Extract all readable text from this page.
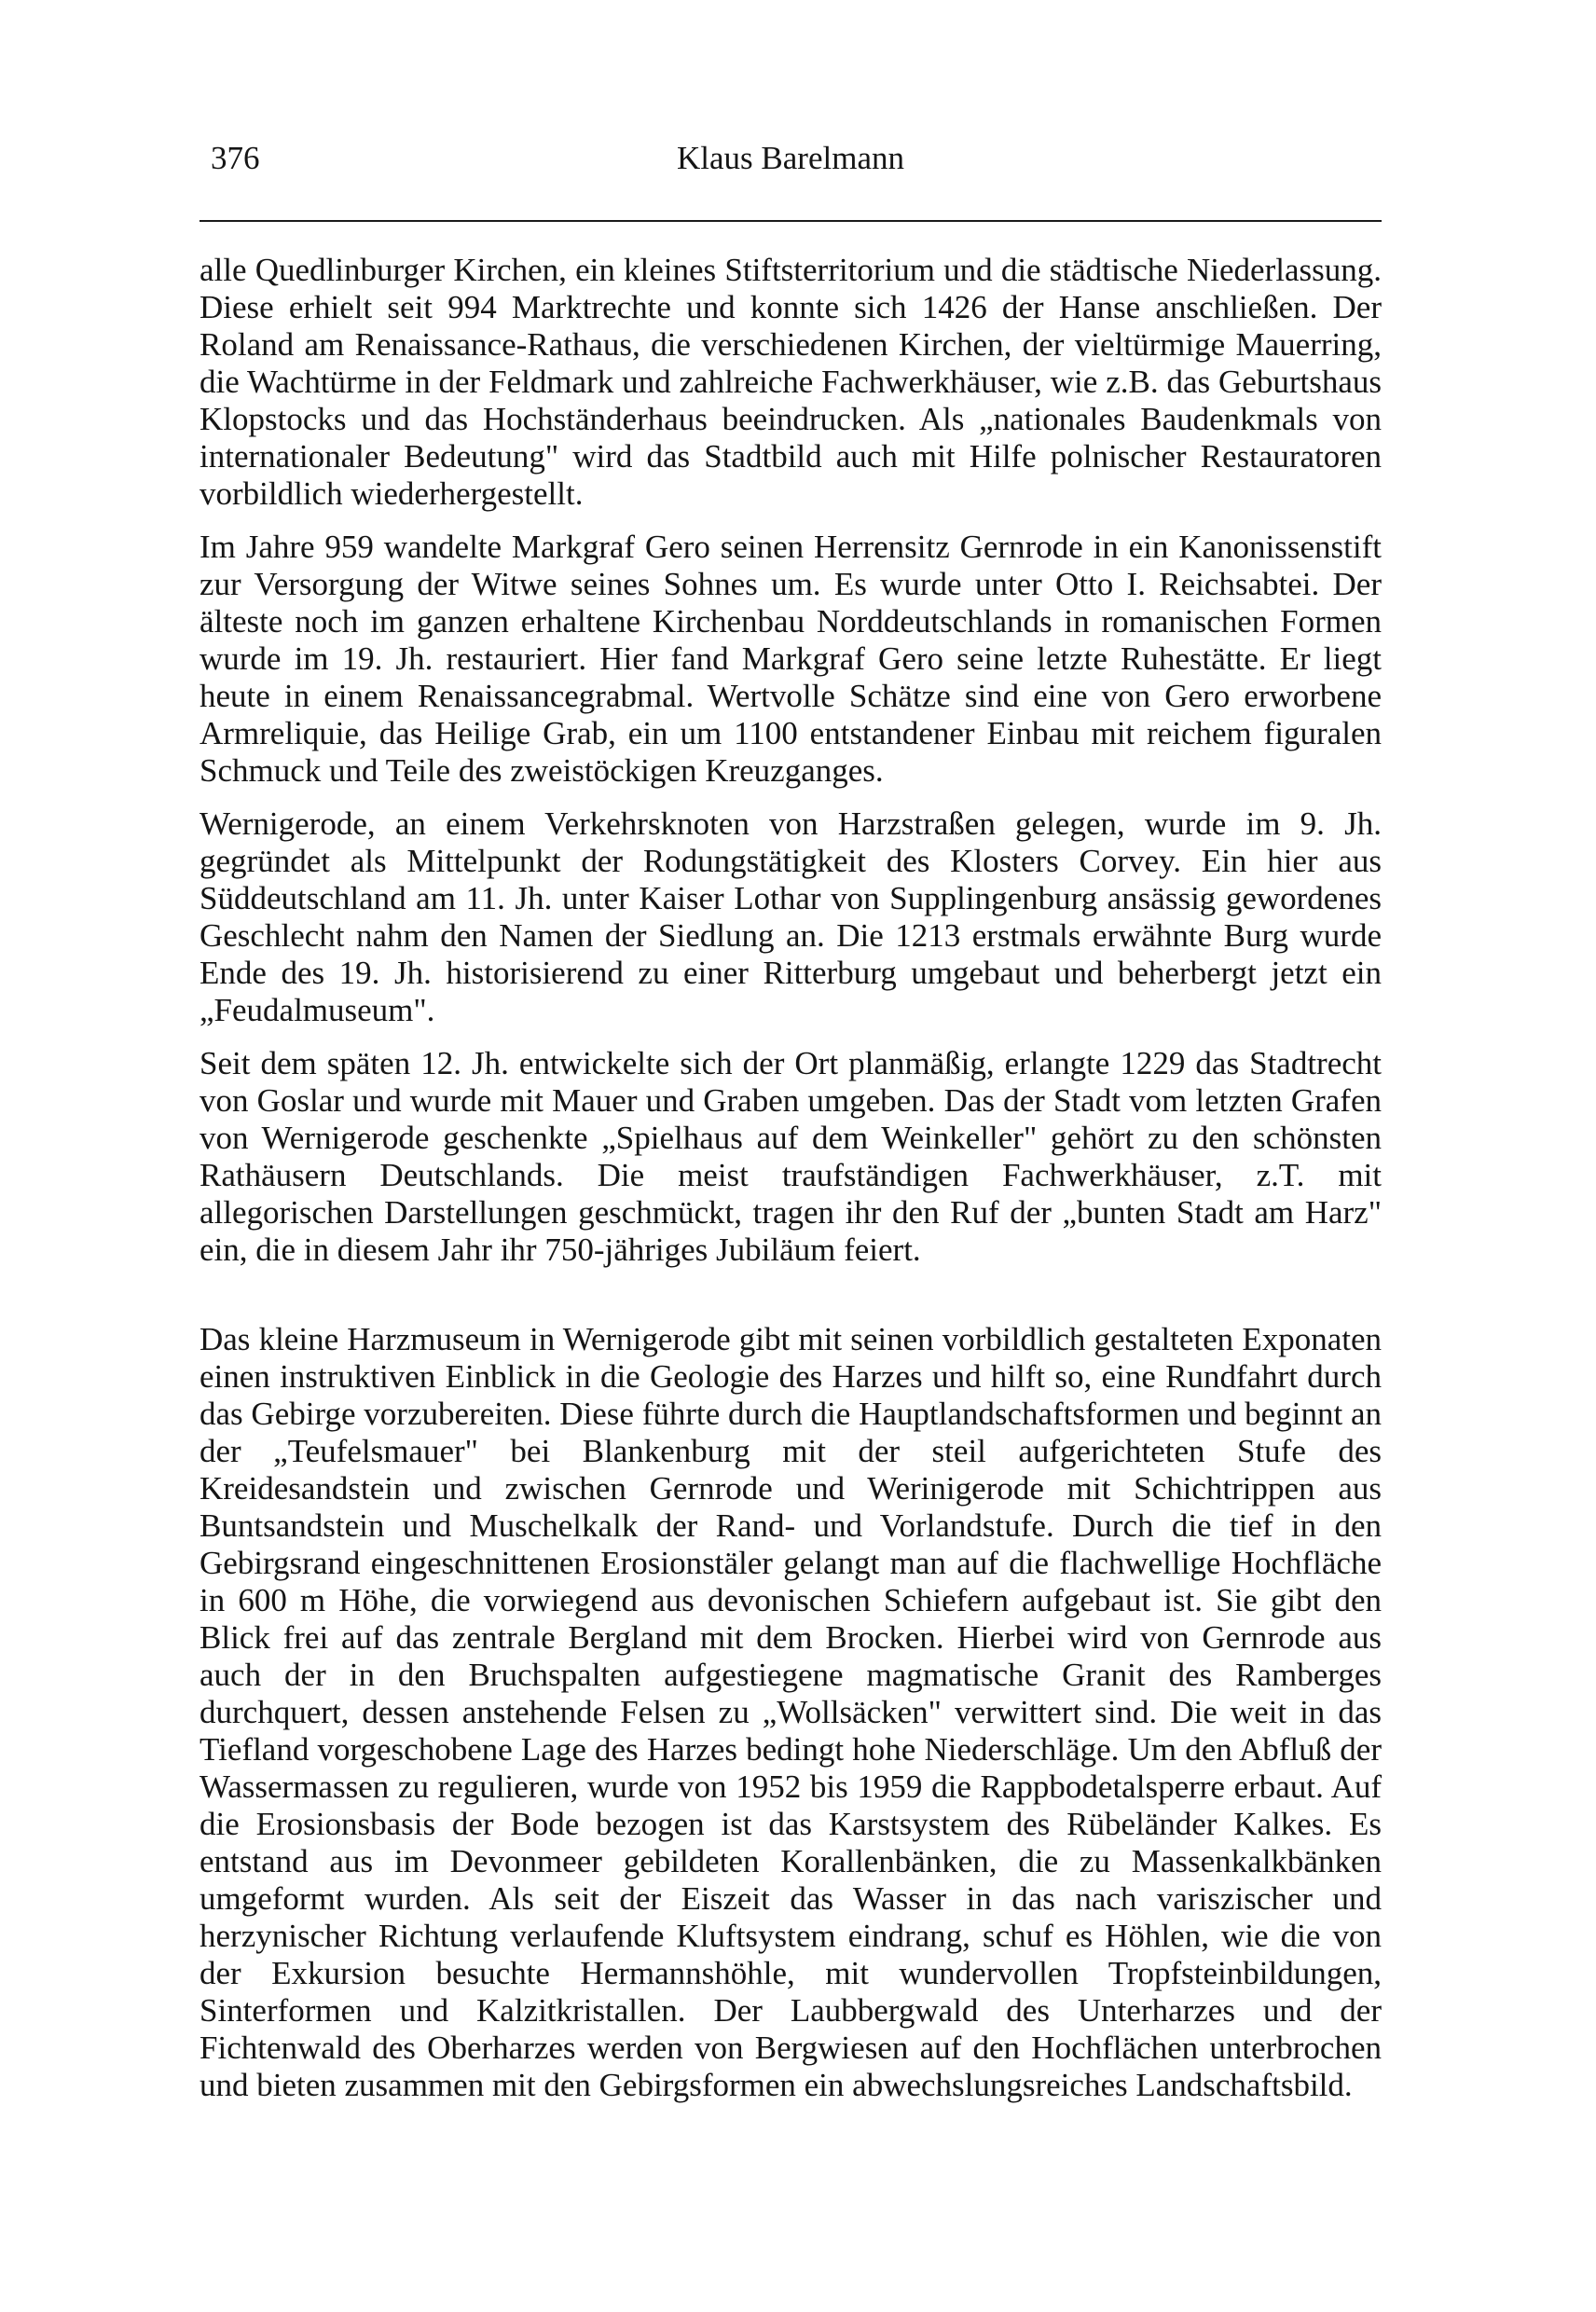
376	Klaus Barelmann

alle Quedlinburger Kirchen, ein kleines Stiftsterritorium und die städtische Niederlassung. Diese erhielt seit 994 Marktrechte und konnte sich 1426 der Hanse anschließen. Der Roland am Renaissance-Rathaus, die verschiedenen Kirchen, der vieltürmige Mauerring, die Wachtürme in der Feldmark und zahlreiche Fachwerkhäuser, wie z.B. das Geburtshaus Klopstocks und das Hochständerhaus beeindrucken. Als „nationales Baudenkmals von internationaler Bedeutung" wird das Stadtbild auch mit Hilfe polnischer Restauratoren vorbildlich wiederhergestellt.

Im Jahre 959 wandelte Markgraf Gero seinen Herrensitz Gernrode in ein Kanonissenstift zur Versorgung der Witwe seines Sohnes um. Es wurde unter Otto I. Reichsabtei. Der älteste noch im ganzen erhaltene Kirchenbau Norddeutschlands in romanischen Formen wurde im 19. Jh. restauriert. Hier fand Markgraf Gero seine letzte Ruhestätte. Er liegt heute in einem Renaissancegrabmal. Wertvolle Schätze sind eine von Gero erworbene Armreliquie, das Heilige Grab, ein um 1100 entstandener Einbau mit reichem figuralen Schmuck und Teile des zweistöckigen Kreuzganges.

Wernigerode, an einem Verkehrsknoten von Harzstraßen gelegen, wurde im 9. Jh. gegründet als Mittelpunkt der Rodungstätigkeit des Klosters Corvey. Ein hier aus Süddeutschland am 11. Jh. unter Kaiser Lothar von Supplingenburg ansässig gewordenes Geschlecht nahm den Namen der Siedlung an. Die 1213 erstmals erwähnte Burg wurde Ende des 19. Jh. historisierend zu einer Ritterburg umgebaut und beherbergt jetzt ein „Feudalmuseum".

Seit dem späten 12. Jh. entwickelte sich der Ort planmäßig, erlangte 1229 das Stadtrecht von Goslar und wurde mit Mauer und Graben umgeben. Das der Stadt vom letzten Grafen von Wernigerode geschenkte „Spielhaus auf dem Weinkeller" gehört zu den schönsten Rathäusern Deutschlands. Die meist traufständigen Fachwerkhäuser, z.T. mit allegorischen Darstellungen geschmückt, tragen ihr den Ruf der „bunten Stadt am Harz" ein, die in diesem Jahr ihr 750-jähriges Jubiläum feiert.

Das kleine Harzmuseum in Wernigerode gibt mit seinen vorbildlich gestalteten Exponaten einen instruktiven Einblick in die Geologie des Harzes und hilft so, eine Rundfahrt durch das Gebirge vorzubereiten. Diese führte durch die Hauptlandschaftsformen und beginnt an der „Teufelsmauer" bei Blankenburg mit der steil aufgerichteten Stufe des Kreidesandstein und zwischen Gernrode und Werinigerode mit Schichtrippen aus Buntsandstein und Muschelkalk der Rand- und Vorlandstufe. Durch die tief in den Gebirgsrand eingeschnittenen Erosionstäler gelangt man auf die flachwellige Hochfläche in 600 m Höhe, die vorwiegend aus devonischen Schiefern aufgebaut ist. Sie gibt den Blick frei auf das zentrale Bergland mit dem Brocken. Hierbei wird von Gernrode aus auch der in den Bruchspalten aufgestiegene magmatische Granit des Ramberges durchquert, dessen anstehende Felsen zu „Wollsäcken" verwittert sind. Die weit in das Tiefland vorgeschobene Lage des Harzes bedingt hohe Niederschläge. Um den Abfluß der Wassermassen zu regulieren, wurde von 1952 bis 1959 die Rappbodetalsperre erbaut. Auf die Erosionsbasis der Bode bezogen ist das Karstsystem des Rübeländer Kalkes. Es entstand aus im Devonmeer gebildeten Korallenbänken, die zu Massenkalkbänken umgeformt wurden. Als seit der Eiszeit das Wasser in das nach variszischer und herzynischer Richtung verlaufende Kluftsystem eindrang, schuf es Höhlen, wie die von der Exkursion besuchte Hermannshöhle, mit wundervollen Tropfsteinbildungen, Sinterformen und Kalzitkristallen. Der Laubbergwald des Unterharzes und der Fichtenwald des Oberharzes werden von Bergwiesen auf den Hochflächen unterbrochen und bieten zusammen mit den Gebirgsformen ein abwechslungsreiches Landschaftsbild.
